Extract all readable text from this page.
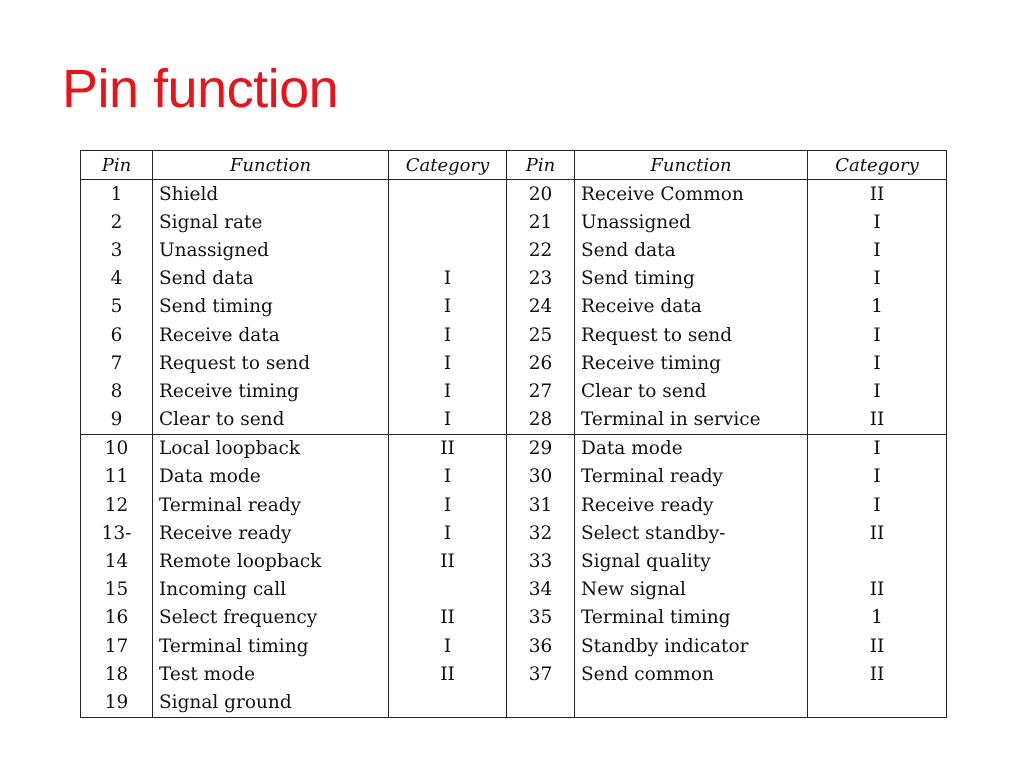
Pin function
Pin	Function	Category	Pin	Function	Category
1	Shield		20	Receive Common	II
2	Signal rate		21	Unassigned	I
3	Unassigned		22	Send data	I
4	Send data	I	23	Send timing	I
5	Send timing	I	24	Receive data	1
6	Receive data	I	25	Request to send	I
7	Request to send	I	26	Receive timing	I
8	Receive timing	I	27	Clear to send	I
9	Clear to send	I	28	Terminal in service	II
10	Local loopback	II	29	Data mode	I
11	Data mode	I	30	Terminal ready	I
12	Terminal ready	I	31	Receive ready	I
13-	Receive ready	I	32	Select standby-	II
14	Remote loopback	II	33	Signal quality	
15	Incoming call		34	New signal	II
16	Select frequency	II	35	Terminal timing	1
17	Terminal timing	I	36	Standby indicator	II
18	Test mode	II	37	Send common	II
19	Signal ground				
